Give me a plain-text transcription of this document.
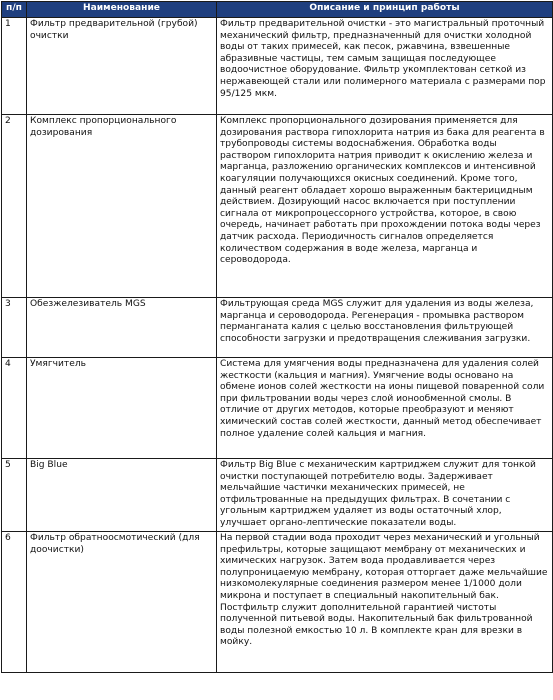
п/п	Наименование	Описание и принцип работы
1	Фильтр предварительной (грубой) очистки	Фильтр предварительной очистки - это магистральный проточный механический фильтр, предназначенный для очистки холодной воды от таких примесей, как песок, ржавчина, взвешенные абразивные частицы, тем самым защищая последующее водоочистное оборудование. Фильтр укомплектован сеткой из нержавеющей стали или полимерного материала с размерами пор 95/125 мкм.
2	Комплекс пропорционального дозирования	Комплекс пропорционального дозирования применяется для дозирования раствора гипохлорита натрия из бака для реагента в трубопроводы системы водоснабжения. Обработка воды раствором гипохлорита натрия приводит к окислению железа и марганца, разложению органических комплексов и интенсивной коагуляции получающихся окисных соединений. Кроме того, данный реагент обладает хорошо выраженным бактерицидным действием. Дозирующий насос включается при поступлении сигнала от микропроцессорного устройства, которое, в свою очередь, начинает работать при прохождении потока воды через датчик расхода. Периодичность сигналов определяется количеством содержания в воде железа, марганца и сероводорода.
3	Обезжелезиватель MGS	Фильтрующая среда MGS служит для удаления из воды железа, марганца и сероводорода. Регенерация - промывка раствором перманганата калия с целью восстановления фильтрующей способности загрузки и предотвращения слеживания загрузки.
4	Умягчитель	Система для умягчения воды предназначена для удаления солей жесткости (кальция и магния). Умягчение воды основано на обмене ионов солей жесткости на ионы пищевой поваренной соли при фильтровании воды через слой ионообменной смолы. В отличие от других методов, которые преобразуют и меняют химический состав солей жесткости, данный метод обеспечивает полное удаление солей кальция и магния.
5	Big Blue	Фильтр Big Blue с механическим картриджем служит для тонкой очистки поступающей потребителю воды. Задерживает мельчайшие частички механических примесей, не отфильтрованные на предыдущих фильтрах. В сочетании с угольным картриджем удаляет из воды остаточный хлор, улучшает органо-лептические показатели воды.
6	Фильтр обратноосмотический (для доочистки)	На первой стадии вода проходит через механический и угольный префильтры, которые защищают мембрану от механических и химических нагрузок. Затем вода продавливается через полупроницаемую мембрану, которая отторгает даже мельчайшие низкомолекулярные соединения размером менее 1/1000 доли микрона и поступает в специальный накопительный бак. Постфильтр служит дополнительной гарантией чистоты полученной питьевой воды. Накопительный бак фильтрованной воды полезной емкостью 10 л. В комплекте кран для врезки в мойку.
